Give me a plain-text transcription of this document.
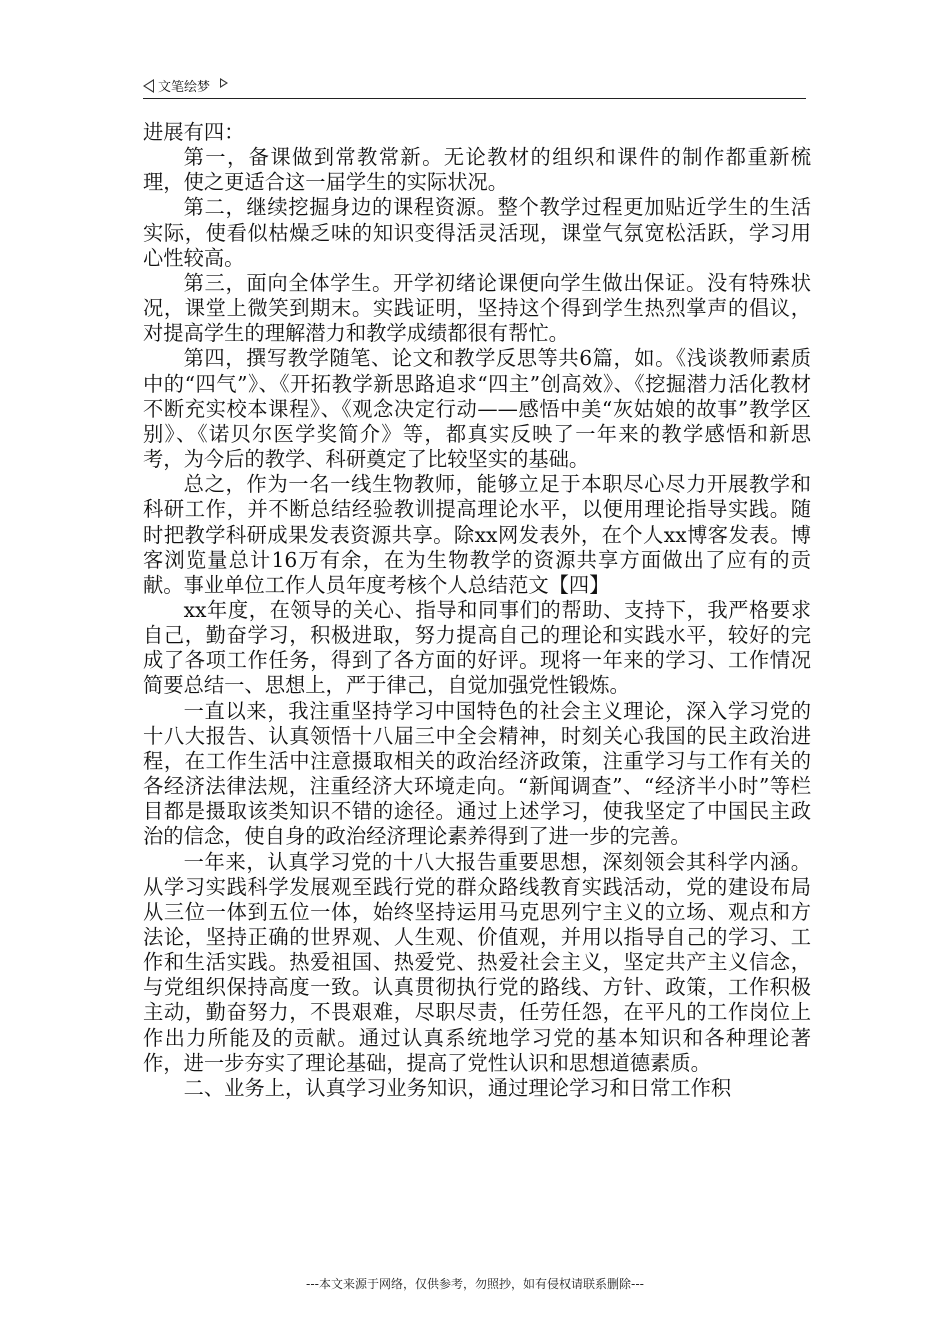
文笔绘梦

进展有四：

第一，备课做到常教常新。无论教材的组织和课件的制作都重新梳理，使之更适合这一届学生的实际状况。

第二，继续挖掘身边的课程资源。整个教学过程更加贴近学生的生活实际，使看似枯燥乏味的知识变得活灵活现，课堂气氛宽松活跃，学习用心性较高。

第三，面向全体学生。开学初绪论课便向学生做出保证。没有特殊状况，课堂上微笑到期末。实践证明，坚持这个得到学生热烈掌声的倡议，对提高学生的理解潜力和教学成绩都很有帮忙。

第四，撰写教学随笔、论文和教学反思等共6篇，如。《浅谈教师素质中的“四气”》、《开拓教学新思路追求“四主”创高效》、《挖掘潜力活化教材不断充实校本课程》、《观念决定行动——感悟中美“灰姑娘的故事”教学区别》、《诺贝尔医学奖简介》等，都真实反映了一年来的教学感悟和新思考，为今后的教学、科研奠定了比较坚实的基础。

总之，作为一名一线生物教师，能够立足于本职尽心尽力开展教学和科研工作，并不断总结经验教训提高理论水平，以便用理论指导实践。随时把教学科研成果发表资源共享。除xx网发表外，在个人xx博客发表。博客浏览量总计16万有余，在为生物教学的资源共享方面做出了应有的贡献。事业单位工作人员年度考核个人总结范文【四】

xx年度，在领导的关心、指导和同事们的帮助、支持下，我严格要求自己，勤奋学习，积极进取，努力提高自己的理论和实践水平，较好的完成了各项工作任务，得到了各方面的好评。现将一年来的学习、工作情况简要总结一、思想上，严于律己，自觉加强党性锻炼。

一直以来，我注重坚持学习中国特色的社会主义理论，深入学习党的十八大报告、认真领悟十八届三中全会精神，时刻关心我国的民主政治进程，在工作生活中注意摄取相关的政治经济政策，注重学习与工作有关的各经济法律法规，注重经济大环境走向。“新闻调查”、“经济半小时”等栏目都是摄取该类知识不错的途径。通过上述学习，使我坚定了中国民主政治的信念，使自身的政治经济理论素养得到了进一步的完善。

一年来，认真学习党的十八大报告重要思想，深刻领会其科学内涵。从学习实践科学发展观至践行党的群众路线教育实践活动，党的建设布局从三位一体到五位一体，始终坚持运用马克思列宁主义的立场、观点和方法论，坚持正确的世界观、人生观、价值观，并用以指导自己的学习、工作和生活实践。热爱祖国、热爱党、热爱社会主义，坚定共产主义信念，与党组织保持高度一致。认真贯彻执行党的路线、方针、政策，工作积极主动，勤奋努力，不畏艰难，尽职尽责，任劳任怨，在平凡的工作岗位上作出力所能及的贡献。通过认真系统地学习党的基本知识和各种理论著作，进一步夯实了理论基础，提高了党性认识和思想道德素质。

二、业务上，认真学习业务知识，通过理论学习和日常工作积

---本文来源于网络，仅供参考，勿照抄，如有侵权请联系删除---
